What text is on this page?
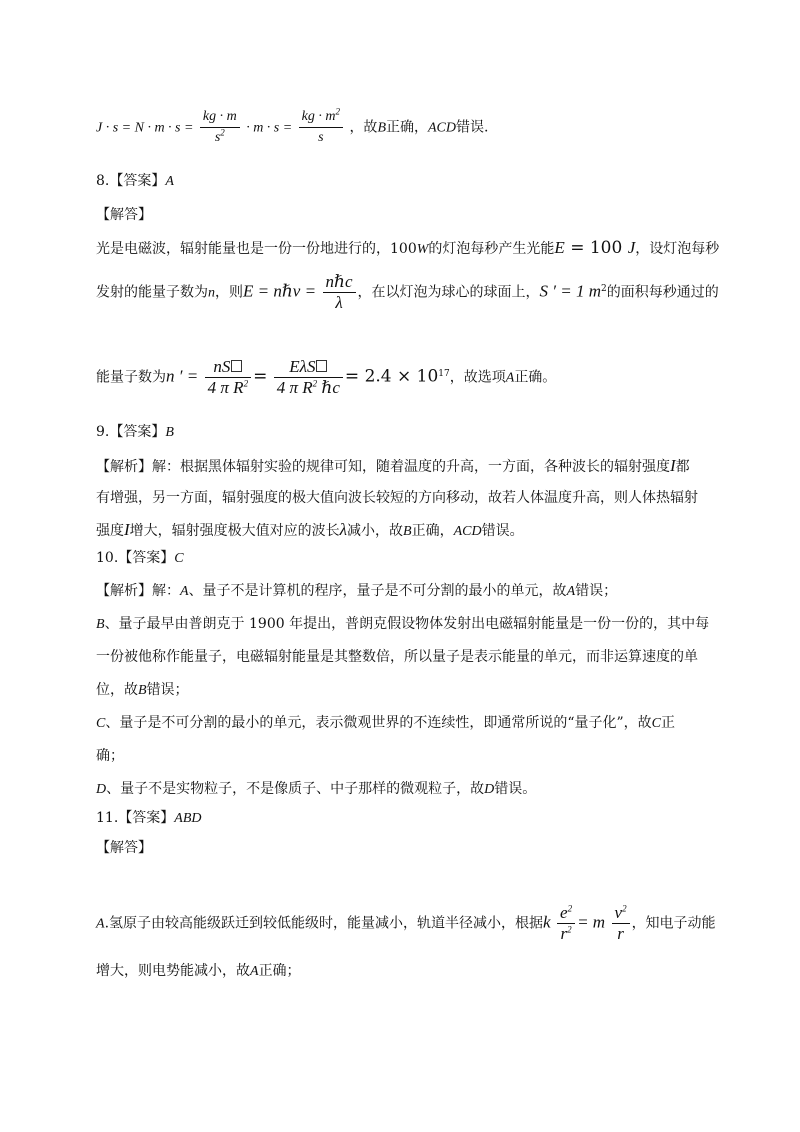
$J \cdot s = N \cdot m \cdot s = \frac{kg \cdot m}{s^2} \cdot m \cdot s = \frac{kg \cdot m^2}{s}$ ，故B正确，ACD错误.
8.【答案】A
【解答】
光是电磁波，辐射能量也是一份一份地进行的，100W的灯泡每秒产生光能E = 100 J，设灯泡每秒
发射的能量子数为n，则E = nℏν = $\frac{\text{nℏc}}{\lambda}$ ，在以灯泡为球心的球面上，S ′ = 1 $m^2$的面积每秒通过的
能量子数为n ′ = $\frac{nS}{4 \pi R^2} = \frac{\text{EλS}}{4 \pi R^2 \hbar c} = 2.4 \times 10^{17}$，故选项A正确。
9.【答案】B
【解析】解：根据黑体辐射实验的规律可知，随着温度的升高，一方面，各种波长的辐射强度I都
有增强，另一方面，辐射强度的极大值向波长较短的方向移动，故若人体温度升高，则人体热辐射
强度I增大，辐射强度极大值对应的波长λ减小，故B正确，ACD错误。
10.【答案】C
【解析】解：A、量子不是计算机的程序，量子是不可分割的最小的单元，故A错误；
B、量子最早由普朗克于 1900 年提出，普朗克假设物体发射出电磁辐射能量是一份一份的，其中每
一份被他称作能量子，电磁辐射能量是其整数倍，所以量子是表示能量的单元，而非运算速度的单
位，故B错误；
C、量子是不可分割的最小的单元，表示微观世界的不连续性，即通常所说的“量子化”，故C正
确；
D、量子不是实物粒子，不是像质子、中子那样的微观粒子，故D错误。
11.【答案】ABD
【解答】
A.氢原子由较高能级跃迁到较低能级时，能量减小，轨道半径减小，根据k $\frac{e^2}{r^2} = m \frac{v^2}{r}$ ，知电子动能
增大，则电势能减小，故A正确；
